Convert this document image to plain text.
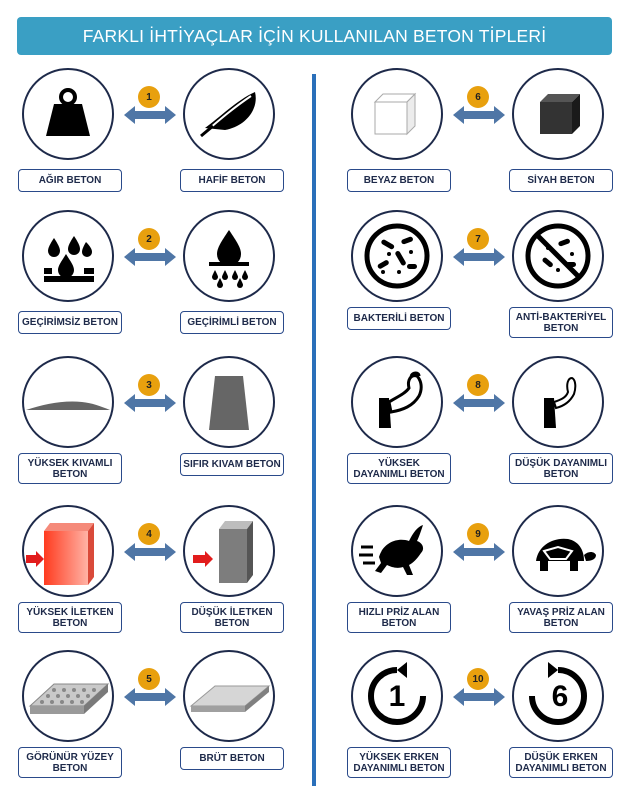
FARKLI İHTİYAÇLAR İÇİN KULLANILAN BETON TİPLERİ
1
AĞIR BETON	HAFİF BETON
2
GEÇİRİMSİZ BETON	GEÇİRİMLİ BETON
3
YÜKSEK KIVAMLI BETON
SIFIR KIVAM BETON
4
YÜKSEK İLETKEN BETON
DÜŞÜK İLETKEN BETON
5
GÖRÜNÜR YÜZEY BETON
BRÜT BETON
6
BEYAZ BETON	SİYAH BETON
7
BAKTERİLİ BETON	ANTİ-BAKTERİYEL BETON
8
YÜKSEK DAYANIMLI BETON
DÜŞÜK DAYANIMLI BETON
9
HIZLI PRİZ ALAN BETON
YAVAŞ PRİZ ALAN BETON
1	6
10
YÜKSEK ERKEN DAYANIMLI BETON
DÜŞÜK ERKEN DAYANIMLI BETON
